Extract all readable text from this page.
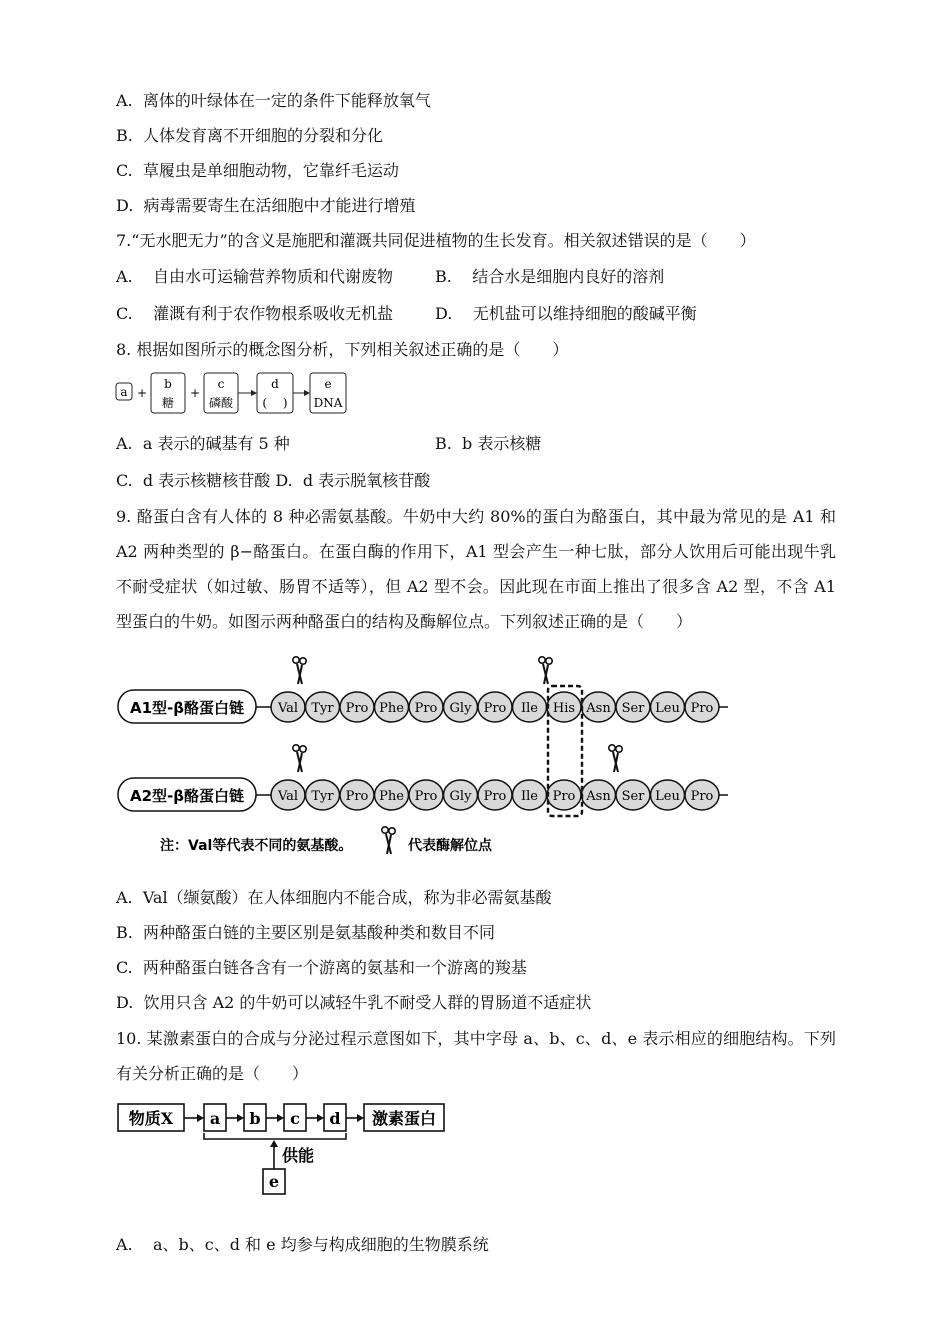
A.  离体的叶绿体在一定的条件下能释放氧气
B.  人体发育离不开细胞的分裂和分化
C.  草履虫是单细胞动物，它靠纤毛运动
D.  病毒需要寄生在活细胞中才能进行增殖
7.“无水肥无力”的含义是施肥和灌溉共同促进植物的生长发育。相关叙述错误的是（　　）
A.    自由水可运输营养物质和代谢废物	B.    结合水是细胞内良好的溶剂
C.    灌溉有利于农作物根系吸收无机盐	D.    无机盐可以维持细胞的酸碱平衡
8. 根据如图所示的概念图分析，下列相关叙述正确的是（　　）
a +
b
糖
+
c
磷酸
d
(　 )
e
DNA
A.  a 表示的碱基有 5 种	B.  b 表示核糖
C.  d 表示核糖核苷酸 D.  d 表示脱氧核苷酸
9. 酪蛋白含有人体的 8 种必需氨基酸。牛奶中大约 80%的蛋白为酪蛋白，其中最为常见的是 A1 和 A2 两种类型的 β−酪蛋白。在蛋白酶的作用下，A1 型会产生一种七肽，部分人饮用后可能出现牛乳不耐受症状（如过敏、肠胃不适等），但 A2 型不会。因此现在市面上推出了很多含 A2 型，不含 A1 型蛋白的牛奶。如图示两种酪蛋白的结构及酶解位点。下列叙述正确的是（　　）
A1型-β酪蛋白链	Val Tyr Pro Phe Pro Gly Pro Ile His Asn Ser Leu Pro
A2型-β酪蛋白链	Val Tyr Pro Phe Pro Gly Pro Ile Pro Asn Ser Leu Pro
注：Val等代表不同的氨基酸。	代表酶解位点
A.  Val（缬氨酸）在人体细胞内不能合成，称为非必需氨基酸
B.  两种酪蛋白链的主要区别是氨基酸种类和数目不同
C.  两种酪蛋白链各含有一个游离的氨基和一个游离的羧基
D.  饮用只含 A2 的牛奶可以减轻牛乳不耐受人群的胃肠道不适症状
10. 某激素蛋白的合成与分泌过程示意图如下，其中字母 a、b、c、d、e 表示相应的细胞结构。下列有关分析正确的是（　　）
物质X a b c d 激素蛋白
供能
e
A.    a、b、c、d 和 e 均参与构成细胞的生物膜系统
